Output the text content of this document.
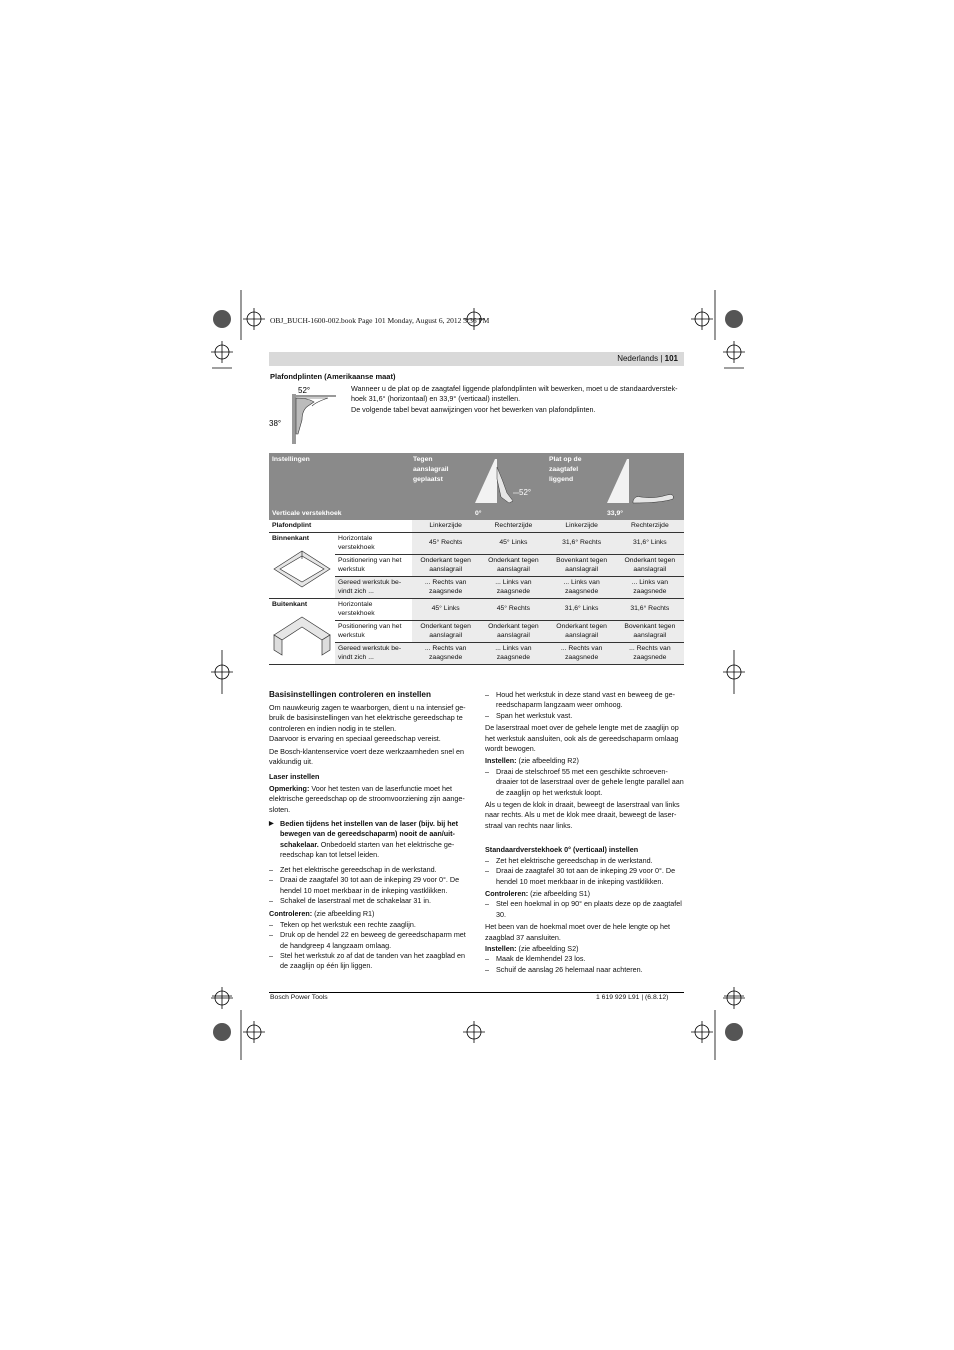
OBJ_BUCH-1600-002.book Page 101 Monday, August 6, 2012 3:36 PM
Nederlands | 101
Plafondplinten (Amerikaanse maat)
52°
38°
Wanneer u de plat op de zaagtafel liggende plafondplinten wilt bewerken, moet u de standaardverstek-hoek 31,6° (horizontaal) en 33,9° (verticaal) instellen.
De volgende tabel bevat aanwijzingen voor het bewerken van plafondplinten.
Instellingen	Tegen
aanslagrail
geplaatst
Plat op de
zaagtafel
liggend
52°
Verticale verstekhoek	0°	33,9°
Plafondplint		Linkerzijde	Rechterzijde	Linkerzijde	Rechterzijde

Binnenkant	Horizontale verstekhoek	45° Rechts	45° Links	31,6° Rechts	31,6° Links
	Positionering van het werkstuk	Onderkant tegen aanslagrail	Onderkant tegen aanslagrail	Bovenkant tegen aanslagrail	Onderkant tegen aanslagrail
	Gereed werkstuk be-vindt zich ...	... Rechts van zaagsnede	... Links van zaagsnede	... Links van zaagsnede	... Links van zaagsnede

Buitenkant	Horizontale verstekhoek	45° Links	45° Rechts	31,6° Links	31,6° Rechts
	Positionering van het werkstuk	Onderkant tegen aanslagrail	Onderkant tegen aanslagrail	Onderkant tegen aanslagrail	Bovenkant tegen aanslagrail
	Gereed werkstuk be-vindt zich ...	... Rechts van zaagsnede	... Links van zaagsnede	... Rechts van zaagsnede	... Rechts van zaagsnede
Basisinstellingen controleren en instellen
Om nauwkeurig zagen te waarborgen, dient u na intensief ge-bruik de basisinstellingen van het elektrische gereedschap te controleren en indien nodig in te stellen.
Daarvoor is ervaring en speciaal gereedschap vereist.
De Bosch-klantenservice voert deze werkzaamheden snel en vakkundig uit.
Laser instellen
Opmerking: Voor het testen van de laserfunctie moet het elektrische gereedschap op de stroomvoorziening zijn aange-sloten.
▶ Bedien tijdens het instellen van de laser (bijv. bij het bewegen van de gereedschaparm) nooit de aan/uit-schakelaar. Onbedoeld starten van het elektrische ge-reedschap kan tot letsel leiden.
– Zet het elektrische gereedschap in de werkstand.
– Draai de zaagtafel 30 tot aan de inkeping 29 voor 0°. De hendel 10 moet merkbaar in de inkeping vastklikken.
– Schakel de laserstraal met de schakelaar 31 in.
Controleren: (zie afbeelding R1)
– Teken op het werkstuk een rechte zaaglijn.
– Druk op de hendel 22 en beweeg de gereedschaparm met de handgreep 4 langzaam omlaag.
– Stel het werkstuk zo af dat de tanden van het zaagblad en de zaaglijn op één lijn liggen.
– Houd het werkstuk in deze stand vast en beweeg de ge-reedschaparm langzaam weer omhoog.
– Span het werkstuk vast.
De laserstraal moet over de gehele lengte met de zaaglijn op het werkstuk aansluiten, ook als de gereedschaparm omlaag wordt bewogen.
Instellen: (zie afbeelding R2)
– Draai de stelschroef 55 met een geschikte schroeven-draaier tot de laserstraal over de gehele lengte parallel aan de zaaglijn op het werkstuk loopt.
Als u tegen de klok in draait, beweegt de laserstraal van links naar rechts. Als u met de klok mee draait, beweegt de laser-straal van rechts naar links.
Standaardverstekhoek 0° (verticaal) instellen
– Zet het elektrische gereedschap in de werkstand.
– Draai de zaagtafel 30 tot aan de inkeping 29 voor 0°. De hendel 10 moet merkbaar in de inkeping vastklikken.
Controleren: (zie afbeelding S1)
– Stel een hoekmal in op 90° en plaats deze op de zaagtafel 30.
Het been van de hoekmal moet over de hele lengte op het zaagblad 37 aansluiten.
Instellen: (zie afbeelding S2)
– Maak de klemhendel 23 los.
– Schuif de aanslag 26 helemaal naar achteren.
Bosch Power Tools	1 619 929 L91 | (6.8.12)
